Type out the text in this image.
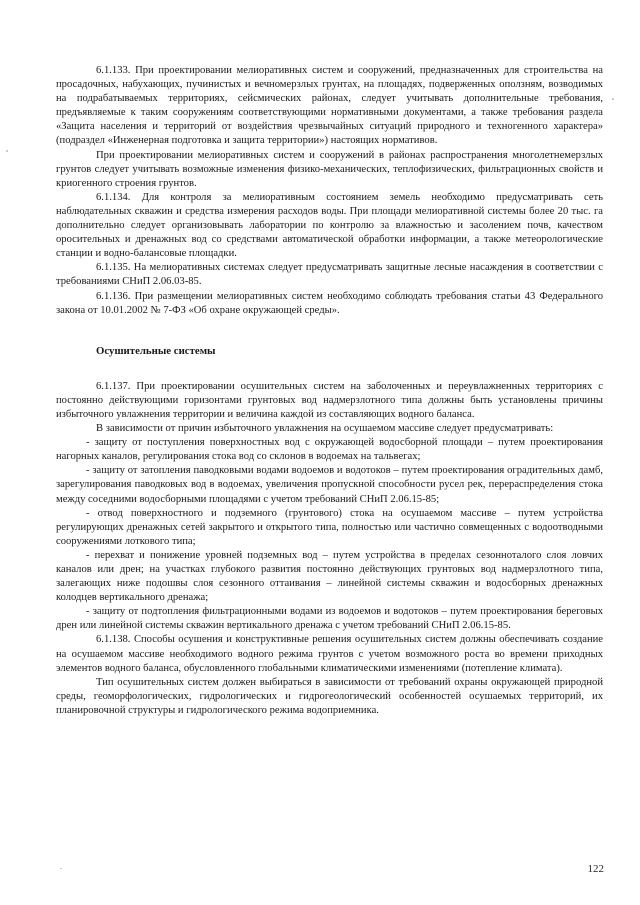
6.1.133. При проектировании мелиоративных систем и сооружений, предназначенных для строительства на просадочных, набухающих, пучинистых и вечномерзлых грунтах, на площадях, подверженных оползням, возводимых на подрабатываемых территориях, сейсмических районах, следует учитывать дополнительные требования, предъявляемые к таким сооружениям соответствующими нормативными документами, а также требования раздела «Защита населения и территорий от воздействия чрезвычайных ситуаций природного и техногенного характера» (подраздел «Инженерная подготовка и защита территории») настоящих нормативов.

При проектировании мелиоративных систем и сооружений в районах распространения многолетнемерзлых грунтов следует учитывать возможные изменения физико-механических, теплофизических, фильтрационных свойств и криогенного строения грунтов.

6.1.134. Для контроля за мелиоративным состоянием земель необходимо предусматривать сеть наблюдательных скважин и средства измерения расходов воды. При площади мелиоративной системы более 20 тыс. га дополнительно следует организовывать лаборатории по контролю за влажностью и засолением почв, качеством оросительных и дренажных вод со средствами автоматической обработки информации, а также метеорологические станции и водно-балансовые площадки.

6.1.135. На мелиоративных системах следует предусматривать защитные лесные насаждения в соответствии с требованиями СНиП 2.06.03-85.

6.1.136. При размещении мелиоративных систем необходимо соблюдать требования статьи 43 Федерального закона от 10.01.2002 № 7-ФЗ «Об охране окружающей среды».

Осушительные системы

6.1.137. При проектировании осушительных систем на заболоченных и переувлажненных территориях с постоянно действующими горизонтами грунтовых вод надмерзлотного типа должны быть установлены причины избыточного увлажнения территории и величина каждой из составляющих водного баланса.

В зависимости от причин избыточного увлажнения на осушаемом массиве следует предусматривать:

- защиту от поступления поверхностных вод с окружающей водосборной площади – путем проектирования нагорных каналов, регулирования стока вод со склонов в водоемах на тальвегах;

- защиту от затопления паводковыми водами водоемов и водотоков – путем проектирования оградительных дамб, зарегулирования паводковых вод в водоемах, увеличения пропускной способности русел рек, перераспределения стока между соседними водосборными площадями с учетом требований СНиП 2.06.15-85;

- отвод поверхностного и подземного (грунтового) стока на осушаемом массиве – путем устройства регулирующих дренажных сетей закрытого и открытого типа, полностью или частично совмещенных с водоотводными сооружениями лоткового типа;

- перехват и понижение уровней подземных вод – путем устройства в пределах сезонноталого слоя ловчих каналов или дрен; на участках глубокого развития постоянно действующих грунтовых вод надмерзлотного типа, залегающих ниже подошвы слоя сезонного оттаивания – линейной системы скважин и водосборных дренажных колодцев вертикального дренажа;

- защиту от подтопления фильтрационными водами из водоемов и водотоков – путем проектирования береговых дрен или линейной системы скважин вертикального дренажа с учетом требований СНиП 2.06.15-85.

6.1.138. Способы осушения и конструктивные решения осушительных систем должны обеспечивать создание на осушаемом массиве необходимого водного режима грунтов с учетом возможного роста во времени приходных элементов водного баланса, обусловленного глобальными климатическими изменениями (потепление климата).

Тип осушительных систем должен выбираться в зависимости от требований охраны окружающей природной среды, геоморфологических, гидрологических и гидрогеологический особенностей осушаемых территорий, их планировочной структуры и гидрологического режима водоприемника.

122
